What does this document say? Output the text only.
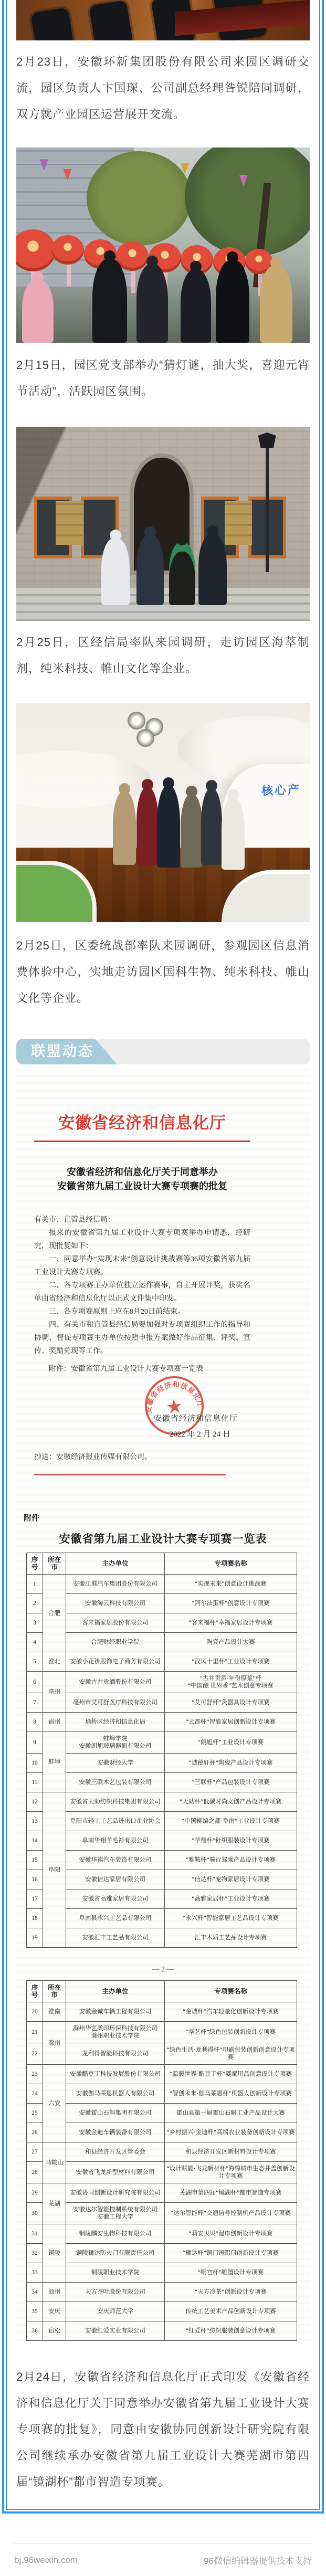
2月23日，安徽环新集团股份有限公司来园区调研交流，园区负责人卞国琛、公司副总经理昝锐陪同调研，双方就产业园区运营展开交流。

2月15日，园区党支部举办“猜灯谜，抽大奖，喜迎元宵节活动”，活跃园区氛围。

2月25日，区经信局率队来园调研，走访园区海萃制剂，纯米科技、帷山文化等企业。

核心产

2月25日，区委统战部率队来园调研，参观园区信息消费体验中心，实地走访园区国科生物、纯米科技、帷山文化等企业。

联盟动态
安徽省经济和信息化厅
安徽省经济和信息化厅关于同意举办
安徽省第九届工业设计大赛专项赛的批复

有关市、直管县经信局：

报来的安徽省第九届工业设计大赛专项赛举办申请悉，经研究，现批复如下：

一、同意举办“实现未来”创意设计挑战赛等36项安徽省第九届工业设计大赛专项赛。

二、各专项赛主办单位独立运作赛事，自主开展评奖，获奖名单由省经济和信息化厅以正式文件集中印发。

三、各专项赛原则上应在8月20日前结束。

四、有关市和直管县经信局要加强对专项赛组织工作的指导和协调，督促专项赛主办单位按照申报方案做好作品征集、评奖、宣传、奖励兑现等工作。

附件：安徽省第九届工业设计大赛专项赛一览表
安徽省经济和信息化厅
★
安徽省经济和信息化厅
2022 年 2 月 24 日
抄送：安徽经济报业传媒有限公司。
附件
安徽省第九届工业设计大赛专项赛一览表
序号	所在市	主办单位	专项赛名称
1	合肥	安徽江淮汽车集团股份有限公司	“实现未来”创意设计挑战赛
2		安徽淘云科技有限公司	“阿尔法蛋杯”创意设计专项赛
3		客来福家居股份有限公司	“客来福杯”幸福家居设计专项赛
4		合肥财经职业学院	陶瓷产品设计大赛
5	淮北	安徽小花褂服饰电子商务有限公司	“汉风十里杯”工业设计专项赛
6	亳州	安徽古井贡酒股份有限公司	“古井贡酒·年份原浆”杯
“中国酿 世界香”艺术创意专项赛

7		亳州市艾可舒医疗科技有限公司	“艾可舒杯”灸器具设计专项赛
8	宿州	埇桥区经济和信息化局	“云都杯”智能家居创新设计专项赛
9	蚌埠	蚌埠学院
安徽朗旭玻璃器皿有限公司	“朗旭杯”工业设计专项赛
10		安徽财经大学	“诚德轩杯”陶瓷产品设计专项赛
11		安徽三联木艺包装有限公司	“三联杯”产品包装设计专项赛
12	阜阳	安徽省天助纺织科技集团有限公司	“天助杯”低碳时尚文创产品设计专项赛
13		阜阳市轻工工艺品进出口企业协会	“中国柳编之都·阜南”工业设计专项赛
14		阜南华翔羊毛衫有限公司	“华翔杯”针织服装设计专项赛
15		安徽华祺汽车装饰有限公司	“雅鞍杯”骑行驾乘产品设计专项赛
16		安徽信达家居有限公司	“信达杯”宠物家居设计专项赛
17		安徽省高雅家居有限公司	“高雅家居杯”工业设计专项赛
18		阜南县永兴工艺品有限公司	“永兴杯”智能家居工艺品设计专项赛
19		安徽汇丰工艺品有限公司	汇丰木质工艺品设计专项赛
— 2 —
序号	所在市	主办单位	专项赛名称
20	淮南	安徽金诚车辆工程有限公司	“金诚杯”汽车轻量化创新设计专项赛
21	滁州	滁州华艺柔印环保科技有限公司
滁州职业技术学院	“华艺杯”绿色包装创新设计专项赛
22		龙利得智能科技有限公司	“绿色生活·龙利得杯”印刷包装创新创意设计专项赛
23	六安	安徽酷豆丁科技发展股份有限公司	“温暖世界·酷豆丁杯”婴童用品创意设计专项赛
24		安徽伽马莱恩机器人有限公司	“智创未来·伽马莱恩杯”机器人创新设计专项赛
25		安徽霍山石斛集团有限公司	霍山县第一届霍山石斛工业产品设计大赛
26		安徽金迪车辆装备有限公司	“乡村振兴·金迪杯”高端农业装备创新设计专项赛
27	马鞍山	和县经济开发区管委会	和县经济开发区新材料设计专项赛
28		安徽省飞龙新型材料有限公司	“设计赋能·飞龙新材杯”海绵城市生态井盖创新设计专项赛
29	芜湖	安徽协同创新设计研究院有限公司	芜湖市第四届“镜湖杯”都市智造专项赛
30		安徽达尔智能控制系统有限公司
安徽工程大学	“达尔智能杯”交通信号控制机产品设计专项赛
31	铜陵	铜陵麟安生物科技有限公司	“莉安贝贝”湿巾创新设计专项赛
32		铜陵狮达防火门有限责任公司	“狮达杯”铜门铸铝门创新设计专项赛
33		铜陵职业技术学院	“铜官杯”雕塑设计专项赛
34	池州	天方茶叶股份有限公司	“天方冷茶”创新设计专项赛
35	安庆	安庆师范大学	传统工艺美术产品创新设计专项赛
36	宿松	安徽红爱实业有限公司	“红爱杯”纺织服装创意设计专项赛

2月24日，安徽省经济和信息化厅正式印发《安徽省经济和信息化厅关于同意举办安徽省第九届工业设计大赛专项赛的批复》，同意由安徽协同创新设计研究院有限公司继续承办安徽省第九届工业设计大赛芜湖市第四届“镜湖杯”都市智造专项赛。

bj.96weixin.com	96微信编辑器提供技术支持
